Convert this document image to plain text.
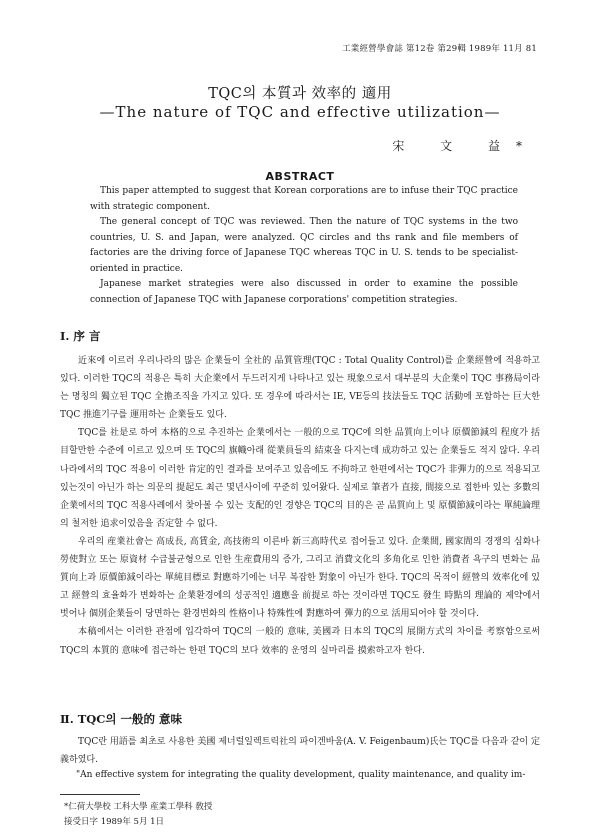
工業經營學會誌 第12卷 第29輯 1989年 11月 81
TQC의 本質과 效率的 適用
—The nature of TQC and effective utilization—
宋 文 益*
ABSTRACT

This paper attempted to suggest that Korean corporations are to infuse their TQC practice with strategic component.

The general concept of TQC was reviewed. Then the nature of TQC systems in the two countries, U. S. and Japan, were analyzed. QC circles and ths rank and file members of factories are the driving force of Japanese TQC whereas TQC in U. S. tends to be specialist-oriented in practice.

Japanese market strategies were also discussed in order to examine the possible connection of Japanese TQC with Japanese corporations' competition strategies.

Ⅰ. 序 言

近來에 이르러 우리나라의 많은 企業들이 全社的 品質管理(TQC : Total Quality Control)를 企業經營에 적용하고 있다. 이러한 TQC의 적용은 특히 大企業에서 두드러지게 나타나고 있는 現象으로서 대부분의 大企業이 TQC 事務局이라는 명칭의 獨立된 TQC 全擔조직을 가지고 있다. 또 경우에 따라서는 IE, VE등의 技法들도 TQC 活動에 포함하는 巨大한 TQC 推進기구를 運用하는 企業들도 있다.

TQC를 社是로 하여 本格的으로 추진하는 企業에서는 一般的으로 TQC에 의한 品質向上이나 原價節減의 程度가 括目할만한 수준에 이르고 있으며 또 TQC의 旗幟아래 從業員들의 結束을 다지는데 成功하고 있는 企業들도 적지 않다. 우리나라에서의 TQC 적용이 이러한 肯定的인 결과를 보여주고 있음에도 不拘하고 한편에서는 TQC가 非彈力的으로 적용되고 있는것이 아닌가 하는 의문의 提起도 최근 몇년사이에 꾸준히 있어왔다. 실제로 筆者가 直接, 間接으로 접한바 있는 多數의 企業에서의 TQC 적용사례에서 찾아볼 수 있는 支配的인 경향은 TQC의 目的은 곧 品質向上 및 原價節減이라는 單純論理의 철저한 追求이었음을 否定할 수 없다.

우리의 産業社會는 高成長, 高賃金, 高技術의 이른바 新三高時代로 접어들고 있다. 企業間, 國家間의 경쟁의 심화나 勞使對立 또는 原資材 수급불균형으로 인한 生産費用의 증가, 그리고 消費文化의 多角化로 인한 消費者 욕구의 변화는 品質向上과 原價節減이라는 單純目標로 對應하기에는 너무 복잡한 對象이 아닌가 한다. TQC의 목적이 經營의 效率化에 있고 經營의 효율화가 변화하는 企業환경에의 성공적인 適應을 前提로 하는 것이라면 TQC도 發生 時點의 理論的 제약에서 벗어나 個別企業들이 당면하는 환경변화의 性格이나 特殊性에 對應하여 彈力的으로 活用되어야 할 것이다.

本稿에서는 이러한 관점에 입각하여 TQC의 一般的 意味, 美國과 日本의 TQC의 展開方式의 차이를 考察함으로써 TQC의 本質的 意味에 접근하는 한편 TQC의 보다 效率的 운영의 실마리를 摸索하고자 한다.

Ⅱ. TQC의 一般的 意味

TQC란 用語를 최초로 사용한 美國 제너럴일렉트릭社의 파이겐바움(A. V. Feigenbaum)氏는 TQC를 다음과 같이 定義하였다.

"An effective system for integrating the quality development, quality maintenance, and quality im-
*仁荷大學校 工科大學 産業工學科 敎授
接受日字 1989年 5月 1日
